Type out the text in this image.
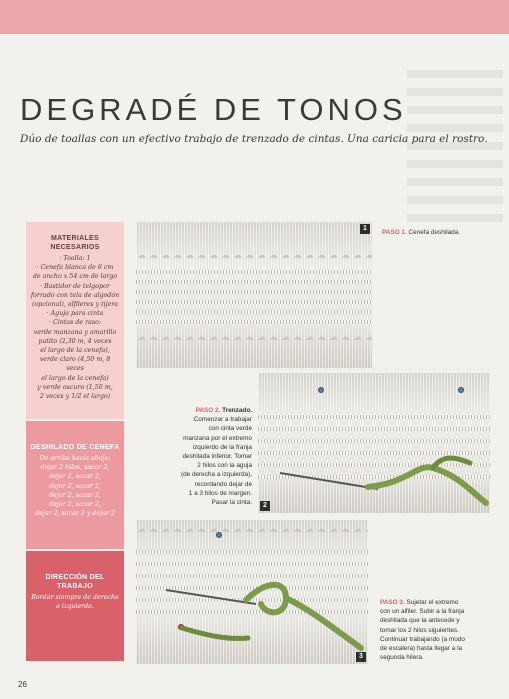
DEGRADÉ DE TONOS

Dúo de toallas con un efectivo trabajo de trenzado de cintas. Una caricia para el rostro.

MATERIALES NECESARIOS
· Toalla: 1
· Cenefa blanca de 6 cm
de ancho x 54 cm de largo
· Bastidor de telgopor
forrado con tela de algodón
(opcional), alfileres y tijera
· Aguja para cinta
· Cintas de raso:
verde manzana y amarillo
patito (2,30 m, 4 veces
el largo de la cenefa),
verde claro (4,50 m, 8 veces
el largo de la cenefa)
y verde oscuro (1,50 m,
2 veces y 1/2 el largo)
DESHILADO DE CENEFA
De arriba hacia abajo:
dejar 2 hilos, sacar 2,
dejar 2, sacar 2,
dejar 2, sacar 2,
dejar 2, sacar 2,
dejar 2, sacar 2,
dejar 2, sacar 2 y dejar 2
DIRECCIÓN DEL TRABAJO
Bordar siempre de derecha
a izquierda.
1
PASO 1. Cenefa deshilada.
2
PASO 2. Trenzado.
Comenzar a trabajar
con cinta verde
manzana por el extremo
izquierdo de la franja
deshilada inferior. Tomar
2 hilos con la aguja
(de derecha a izquierda),
recordando dejar de
1 a 3 hilos de margen.
Pasar la cinta.
3
PASO 3. Sujetar el extremo
con un alfiler. Subir a la franja
deshilada que la antecede y
tomar los 2 hilos siguientes.
Continuar trabajando (a modo
de escalera) hasta llegar a la
segunda hilera.
26
